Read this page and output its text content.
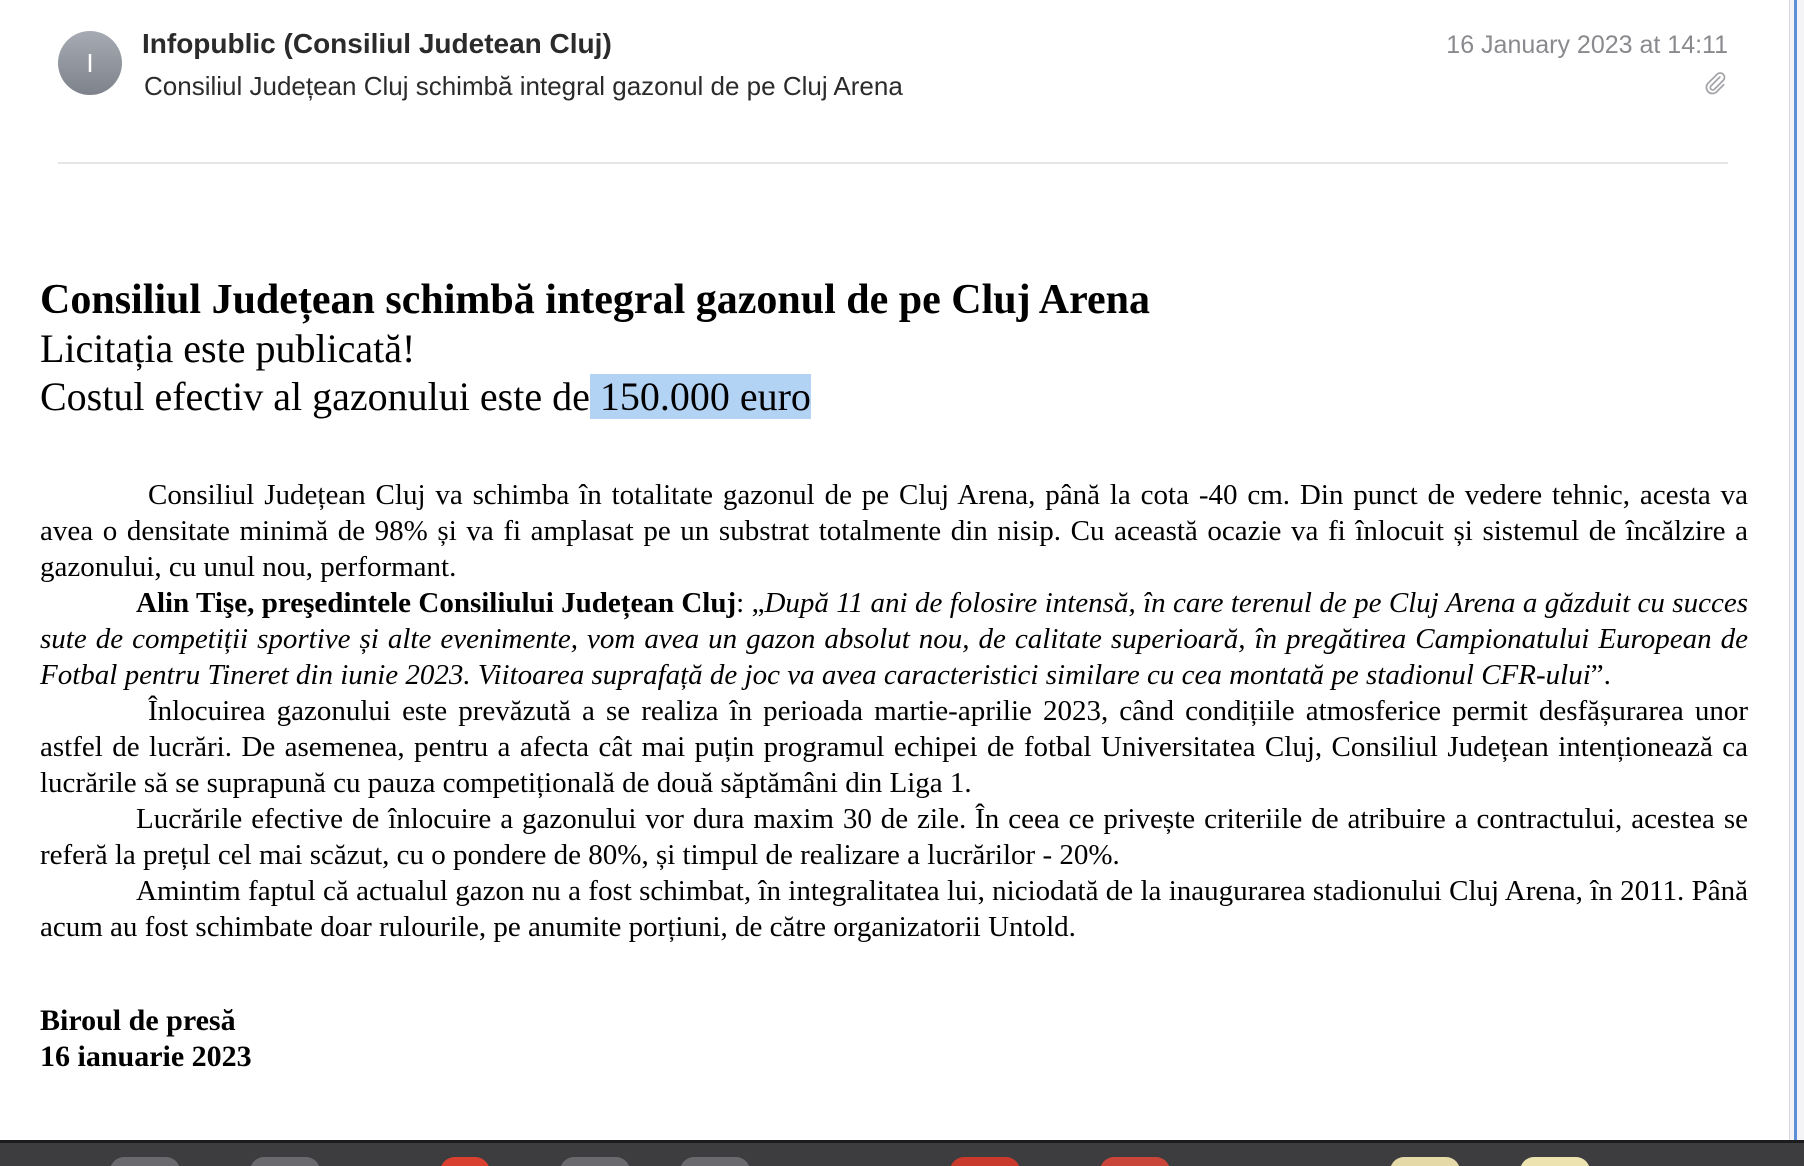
I
Infopublic (Consiliul Judetean Cluj)
Consiliul Județean Cluj schimbă integral gazonul de pe Cluj Arena
16 January 2023 at 14:11

Consiliul Județean schimbă integral gazonul de pe Cluj Arena

Licitația este publicată!

Costul efectiv al gazonului este de 150.000 euro

Consiliul Județean Cluj va schimba în totalitate gazonul de pe Cluj Arena, până la cota -40 cm. Din punct de vedere tehnic, acesta va avea o densitate minimă de 98% și va fi amplasat pe un substrat totalmente din nisip. Cu această ocazie va fi înlocuit și sistemul de încălzire a gazonului, cu unul nou, performant.

Alin Tişe, preşedintele Consiliului Județean Cluj: „După 11 ani de folosire intensă, în care terenul de pe Cluj Arena a găzduit cu succes sute de competiții sportive și alte evenimente, vom avea un gazon absolut nou, de calitate superioară, în pregătirea Campionatului European de Fotbal pentru Tineret din iunie 2023. Viitoarea suprafață de joc va avea caracteristici similare cu cea montată pe stadionul CFR-ului”.

Înlocuirea gazonului este prevăzută a se realiza în perioada martie-aprilie 2023, când condițiile atmosferice permit desfășurarea unor astfel de lucrări. De asemenea, pentru a afecta cât mai puțin programul echipei de fotbal Universitatea Cluj, Consiliul Județean intenționează ca lucrările să se suprapună cu pauza competițională de două săptămâni din Liga 1.

Lucrările efective de înlocuire a gazonului vor dura maxim 30 de zile. În ceea ce privește criteriile de atribuire a contractului, acestea se referă la prețul cel mai scăzut, cu o pondere de 80%, și timpul de realizare a lucrărilor - 20%.

Amintim faptul că actualul gazon nu a fost schimbat, în integralitatea lui, niciodată de la inaugurarea stadionului Cluj Arena, în 2011. Până acum au fost schimbate doar rulourile, pe anumite porțiuni, de către organizatorii Untold.

Biroul de presă
16 ianuarie 2023
